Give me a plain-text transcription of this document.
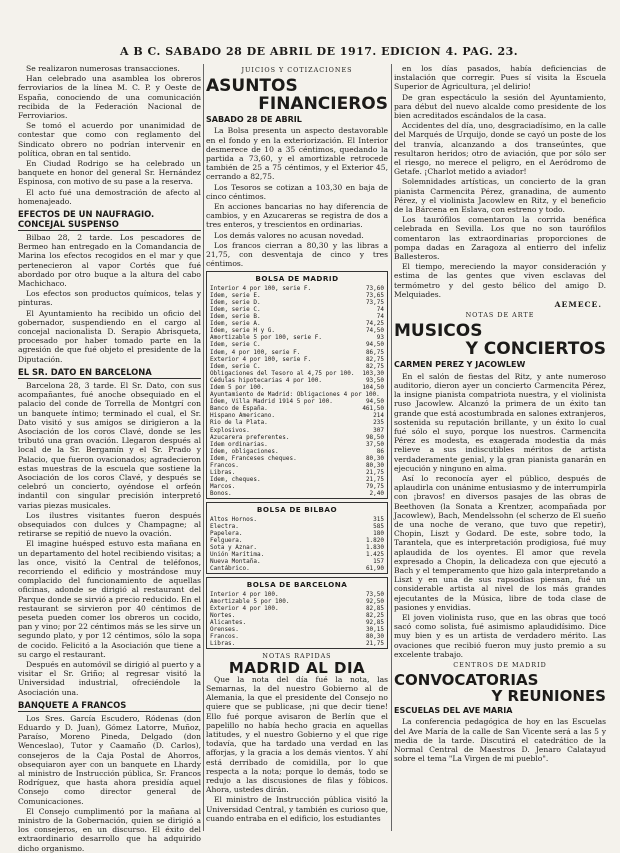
A B C. SABADO 28 DE ABRIL DE 1917. EDICION 4. PAG. 23.

Se realizaron numerosas transacciones.

Han celebrado una asamblea los obreros ferroviarios de la línea M. C. P. y Oeste de España, conociendo de una comunicación recibida de la Federación Nacional de Ferroviarios.

Se tomó el acuerdo por unanimidad de contestar que como con reglamento del Sindicato obrero no podrían intervenir en política, obran en tal sentido.

En Ciudad Rodrigo se ha celebrado un banquete en honor del general Sr. Hernández Espinosa, con motivo de su pase a la reserva.

El acto fué una demostración de afecto al homenajeado.

EFECTOS DE UN NAUFRAGIO. CONCEJAL SUSPENSO

Bilbao 28, 2 tarde. Los pescadores de Bermeo han entregado en la Comandancia de Marina los efectos recogidos en el mar y que pertenecieron al vapor Cortés que fué abordado por otro buque a la altura del cabo Machichaco.

Los efectos son productos químicos, telas y pinturas.

El Ayuntamiento ha recibido un oficio del gobernador, suspendiendo en el cargo al concejal nacionalista D. Serapio Abrisqueta, procesado por haber tomado parte en la agresión de que fué objeto el presidente de la Diputación.

EL SR. DATO EN BARCELONA

Barcelona 28, 3 tarde. El Sr. Dato, con sus acompañantes, fué anoche obsequiado en el palacio del conde de Torrella de Montgrí con un banquete íntimo; terminado el cual, el Sr. Dato visitó y sus amigos se dirigieron a la Asociación de los coros Clavé, donde se les tributó una gran ovación. Llegaron después al local de la Sr. Bergamín y el Sr. Prado y Palacio, que fueron ovacionados; agradecieron estas muestras de la escuela que sostiene la Asociación de los coros Clavé, y después se celebró un concierto, oyéndose el orfeón indantil con singular precisión interpretó varias piezas musicales.

Los ilustres visitantes fueron después obsequiados con dulces y Champagne; al retirarse se repitió de nuevo la ovación.

El imagine huésped estuvo esta mañana en un departamento del hotel recibiendo visitas; a las once, visitó la Central de teléfonos, recorriendo el edificio y mostrándose muy complacido del funcionamiento de aquellas oficinas, adonde se dirigió al restaurant del Parque donde se sirvió a precio reducido. En el restaurant se sirvieron por 40 céntimos de peseta pueden comer los obreros un cocido, pan y vino; por 22 céntimos más se les sirve un segundo plato, y por 12 céntimos, sólo la sopa de cocido. Felicitó a la Asociación que tiene a su cargo el restaurant.

Después en automóvil se dirigió al puerto y a visitar el Sr. Griño; al regresar visitó la Universidad industrial, ofreciéndole la Asociación una.

BANQUETE A FRANCOS

Los Sres. García Escudero, Ródenas (don Eduardo y D. Juan), Gómez Latorre, Muñoz, Paraíso, Moreno Pineda, Delgado (don Wenceslao), Tutor y Caamaño (D. Carlos), consejeros de la Caja Postal de Ahorros, obsequiaron ayer con un banquete en Lhardy al ministro de Instrucción pública, Sr. Francos Rodríguez, que hasta ahora presidía aquel Consejo como director general de Comunicaciones.

El Consejo cumplimentó por la mañana al ministro de la Gobernación, quien se dirigió a los consejeros, en un discurso. El éxito del extraordinario desarrollo que ha adquirido dicho organismo.

JUICIOS Y COTIZACIONES
ASUNTOS
FINANCIEROS
SABADO 28 DE ABRIL

La Bolsa presenta un aspecto destavorable en el fondo y en la exteriorización. El Interior desmerece de 10 a 35 céntimos, quedando la partida a 73,60, y el amortizable retrocede también de 25 a 75 céntimos, y el Exterior 45, cerrando a 82,75.

Los Tesoros se cotizan a 103,30 en baja de cinco céntimos.

En acciones bancarias no hay diferencia de cambios, y en Azucareras se registra de dos a tres enteros, y trescientos en ordinarias.

Los demás valores no acusan novedad.

Los francos cierran a 80,30 y las libras a 21,75, con desventaja de cinco y tres céntimos.

BOLSA DE MADRID
Interior 4 por 100, serie F.	73,60
Idem, serie E.	73,65
Idem, serie D.	73,75
Idem, serie C.	74
Idem, serie B.	74
Idem, serie A.	74,25
Idem, serie H y G.	74,50
Amortizable 5 por 100, serie F.	93
Idem, serie C.	94,50
Idem, 4 por 100, serie F.	86,75
Exterior 4 por 100, serie F.	82,75
Idem, serie C.	82,75
Obligaciones del Tesoro al 4,75 por 100.	103,30
Cédulas hipotecarias 4 por 100.	93,50
Idem 5 por 100.	104,50
Ayuntamiento de Madrid: Obligaciones 4 por 100.
Idem, Villa Madrid 1914 5 por 100.	94,50
Banco de España.	461,50
Hispano Americano.	214
Rio de la Plata.	235
Explosivos.	307
Azucarera preferentes.	98,50
Idem ordinarias.	37,50
Idem, obligaciones.	86
Idem, Franceses cheques.	80,30
Francos.	80,30
Libras.	21,75
Idem, cheques.	21,75
Marcos.	79,75
Bonos.	2,40
BOLSA DE BILBAO
Altos Hornos.	315
Electra.	585
Papelera.	180
Felguera.	1.820
Sota y Aznar.	1.830
Unión Marítima.	1.425
Nueva Montaña.	157
Cantábrico.	61,90
BOLSA DE BARCELONA
Interior 4 por 100.	73,50
Amortizable 5 por 100.	92,50
Exterior 4 por 100.	82,85
Nortes.	82,25
Alicantes.	92,85
Orenses.	30,15
Francos.	80,30
Libras.	21,75
NOTAS RAPIDAS
MADRID AL DIA

Que la nota del día fué la nota, las Semarnas, la del nuestro Gobierno al de Alemania, la que el presidente del Consejo no quiere que se publicase, ¡ni que decir tiene! Ello fué porque avisaron de Berlín que el papelillo no había hecho gracia en aquellas latitudes, y el nuestro Gobierno y el que rige todavía, que ha tardado una verdad en las afforjas, y la gracia a los demás vientos. Y ahí está derribado de comidilla, por lo que respecta a la nota; porque lo demás, todo se redujo a las discusiones de filas y fóbicos. Ahora, ustedes dirán.

El ministro de Instrucción pública visitó la Universidad Central, y también es curioso que, cuando entraba en el edificio, los estudiantes

en los días pasados, había deficiencias de instalación que corregir. Pues sí visita la Escuela Superior de Agricultura, ¡el delirio!

De gran espectáculo la sesión del Ayuntamiento, para début del nuevo alcalde como presidente de los bien acreditados escándalos de la casa.

Accidentes del día, uno, desgraciadísimo, en la calle del Marqués de Urquijo, donde se cayó un poste de los del tranvía, alcanzando a dos transeúntes, que resultaron heridos; otro de aviación, que por sólo ser el riesgo, no merece el peligro, en el Aeródromo de Getafe. ¡Charlot metido a aviador!

Solemnidades artísticas, un concierto de la gran pianista Carmencita Pérez, granadina, de aumento Pérez, y el violinista Jacowlew en Ritz, y el beneficio de la Bárcena en Eslava, con estreno y todo.

Los taurófilos comentaron la corrida benéfica celebrada en Sevilla. Los que no son taurófilos comentaron las extraordinarias proporciones de pompa dadas en Zaragoza al entierro del infeliz Ballesteros.

El tiempo, mereciendo la mayor consideración y estima de las gentes que viven esclavas del termómetro y del gesto bélico del amigo D. Melquiades.

AEMECE.
NOTAS DE ARTE
MUSICOS
Y CONCIERTOS
CARMEN PEREZ Y JACOWLEW

En el salón de fiestas del Ritz, y ante numeroso auditorio, dieron ayer un concierto Carmencita Pérez, la insigne pianista compatriota nuestra, y el violinista ruso Jacowlew. Alcanzó la primera de un éxito tan grande que está acostumbrada en salones extranjeros, sostenida su reputación brillante, y un éxito lo cual fué sólo el suyo, porque los nuestros. Carmencita Pérez es modesta, es exagerada modestia da más relieve a sus indiscutibles méritos de artista verdaderamente genial, y la gran pianista ganarán en ejecución y ninguno en alma.

Así lo reconocía ayer el público, después de aplaudirla con unánime entusiasmo y de interrumpirla con ¡bravos! en diversos pasajes de las obras de Beethoven (la Sonata a Krentzer, acompañada por Jacowlew), Bach, Mendelssohn (el scherzo de El sueño de una noche de verano, que tuvo que repetir), Chopin, Liszt y Godard. De este, sobre todo, la Tarantela, que es interpretación prodigiosa, fué muy aplaudida de los oyentes. El amor que revela expresado a Chopin, la delicadeza con que ejecutó a Bach y el temperamento que hizo gala interpretando a Liszt y en una de sus rapsodias piensan, fué un considerable artista al nivel de los más grandes ejecutantes de la Música, libre de toda clase de pasiones y envidias.

El joven violinista ruso, que en las obras que tocó sacó como solista, fué asimismo aplaudidísimo. Dice muy bien y es un artista de verdadero mérito. Las ovaciones que recibió fueron muy justo premio a su excelente trabajo.

CENTROS DE MADRID
CONVOCATORIAS
Y REUNIONES
ESCUELAS DEL AVE MARIA

La conferencia pedagógica de hoy en las Escuelas del Ave María de la calle de San Vicente será a las 5 y media de la tarde. Discutirá el catedrático de la Normal Central de Maestros D. Jenaro Calatayud sobre el tema "La Virgen de mi pueblo".
